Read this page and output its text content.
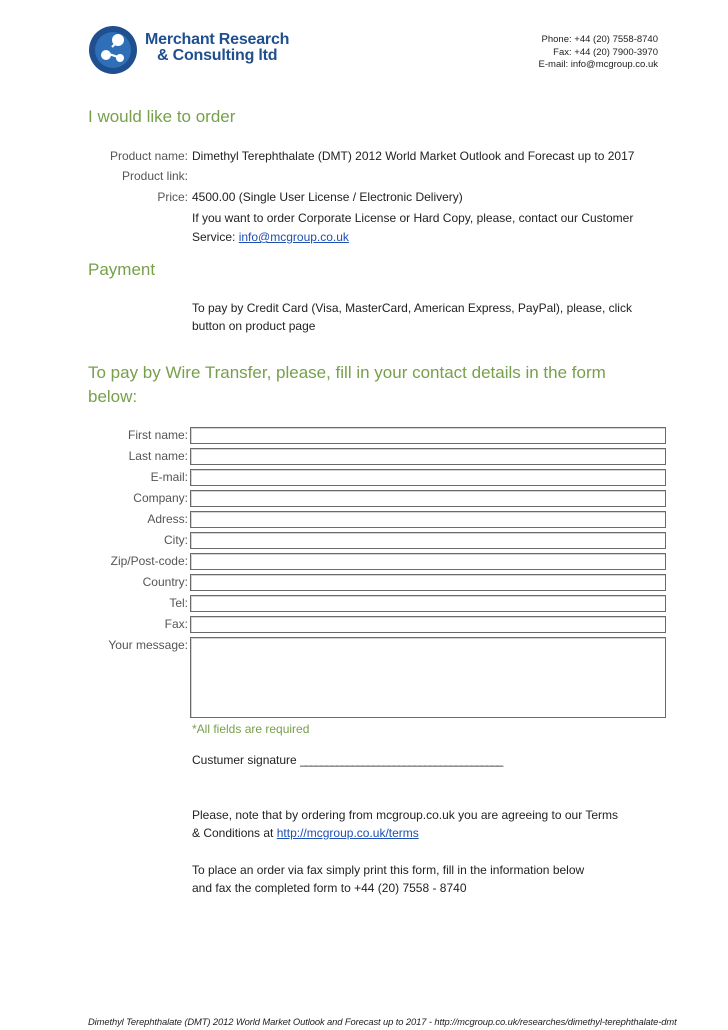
Merchant Research
& Consulting ltd
Phone: +44 (20) 7558-8740
Fax: +44 (20) 7900-3970
E-mail: info@mcgroup.co.uk
I would like to order
Product name: Dimethyl Terephthalate (DMT) 2012 World Market Outlook and Forecast up to 2017
Product link:
Price: 4500.00 (Single User License / Electronic Delivery)
If you want to order Corporate License or Hard Copy, please, contact our Customer
Service: info@mcgroup.co.uk
Payment
To pay by Credit Card (Visa, MasterCard, American Express, PayPal), please, click
button on product page
To pay by Wire Transfer, please, fill in your contact details in the form
below:
First name:
Last name:
E-mail:
Company:
Adress:
City:
Zip/Post-code:
Country:
Tel:
Fax:
Your message:
*All fields are required
Custumer signature _______________________________________
Please, note that by ordering from mcgroup.co.uk you are agreeing to our Terms
& Conditions at http://mcgroup.co.uk/terms
To place an order via fax simply print this form, fill in the information below
and fax the completed form to +44 (20) 7558 - 8740
Dimethyl Terephthalate (DMT) 2012 World Market Outlook and Forecast up to 2017 - http://mcgroup.co.uk/researches/dimethyl-terephthalate-dmt
